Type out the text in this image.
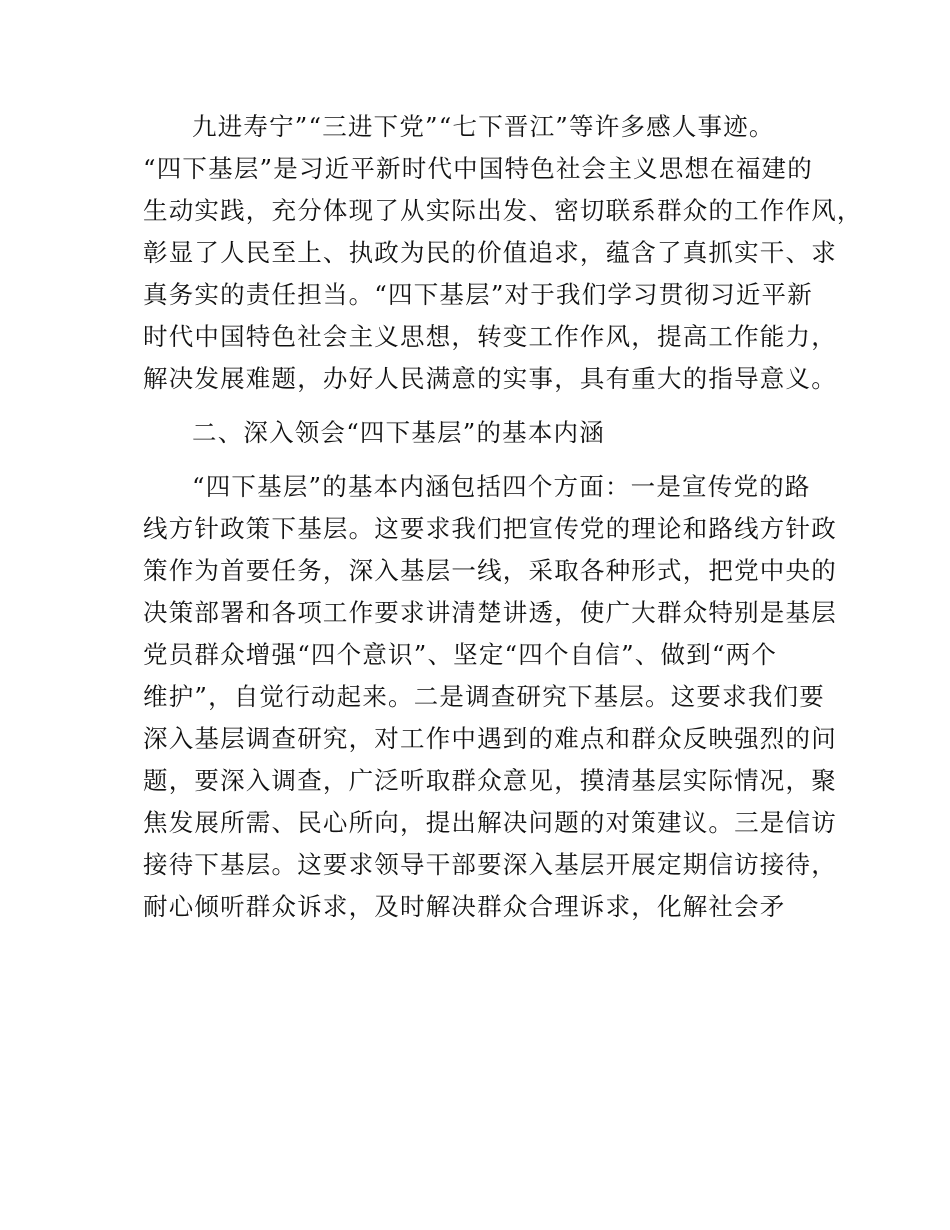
九进寿宁”“三进下党”“七下晋江”等许多感人事迹。
“四下基层”是习近平新时代中国特色社会主义思想在福建的
生动实践，充分体现了从实际出发、密切联系群众的工作作风，
彰显了人民至上、执政为民的价值追求，蕴含了真抓实干、求
真务实的责任担当。“四下基层”对于我们学习贯彻习近平新
时代中国特色社会主义思想，转变工作作风，提高工作能力，
解决发展难题，办好人民满意的实事，具有重大的指导意义。
二、深入领会“四下基层”的基本内涵
“四下基层”的基本内涵包括四个方面：一是宣传党的路
线方针政策下基层。这要求我们把宣传党的理论和路线方针政
策作为首要任务，深入基层一线，采取各种形式，把党中央的
决策部署和各项工作要求讲清楚讲透，使广大群众特别是基层
党员群众增强“四个意识”、坚定“四个自信”、做到“两个
维护”，自觉行动起来。二是调查研究下基层。这要求我们要
深入基层调查研究，对工作中遇到的难点和群众反映强烈的问
题，要深入调查，广泛听取群众意见，摸清基层实际情况，聚
焦发展所需、民心所向，提出解决问题的对策建议。三是信访
接待下基层。这要求领导干部要深入基层开展定期信访接待，
耐心倾听群众诉求，及时解决群众合理诉求，化解社会矛
